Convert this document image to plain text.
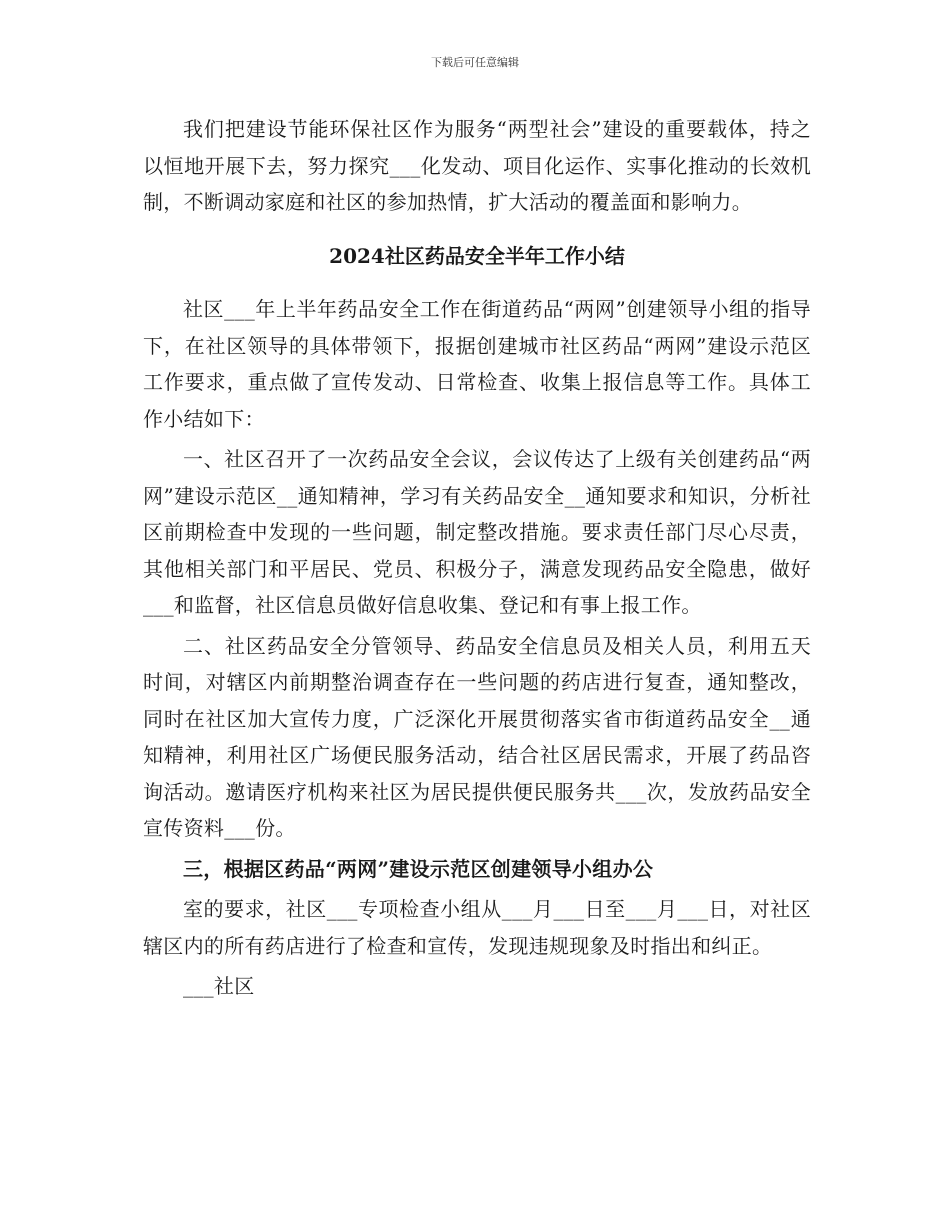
下载后可任意编辑

我们把建设节能环保社区作为服务“两型社会”建设的重要载体，持之以恒地开展下去，努力探究___化发动、项目化运作、实事化推动的长效机制，不断调动家庭和社区的参加热情，扩大活动的覆盖面和影响力。

2024社区药品安全半年工作小结

社区___年上半年药品安全工作在街道药品“两网”创建领导小组的指导下，在社区领导的具体带领下，报据创建城市社区药品“两网”建设示范区工作要求，重点做了宣传发动、日常检查、收集上报信息等工作。具体工作小结如下：

一、社区召开了一次药品安全会议，会议传达了上级有关创建药品“两网”建设示范区__通知精神，学习有关药品安全__通知要求和知识，分析社区前期检查中发现的一些问题，制定整改措施。要求责任部门尽心尽责，其他相关部门和平居民、党员、积极分子，满意发现药品安全隐患，做好___和监督，社区信息员做好信息收集、登记和有事上报工作。

二、社区药品安全分管领导、药品安全信息员及相关人员，利用五天时间，对辖区内前期整治调查存在一些问题的药店进行复查，通知整改，同时在社区加大宣传力度，广泛深化开展贯彻落实省市街道药品安全__通知精神，利用社区广场便民服务活动，结合社区居民需求，开展了药品咨询活动。邀请医疗机构来社区为居民提供便民服务共___次，发放药品安全宣传资料___份。

三，根据区药品“两网”建设示范区创建领导小组办公

室的要求，社区___专项检查小组从___月___日至___月___日，对社区辖区内的所有药店进行了检查和宣传，发现违规现象及时指出和纠正。

___社区
